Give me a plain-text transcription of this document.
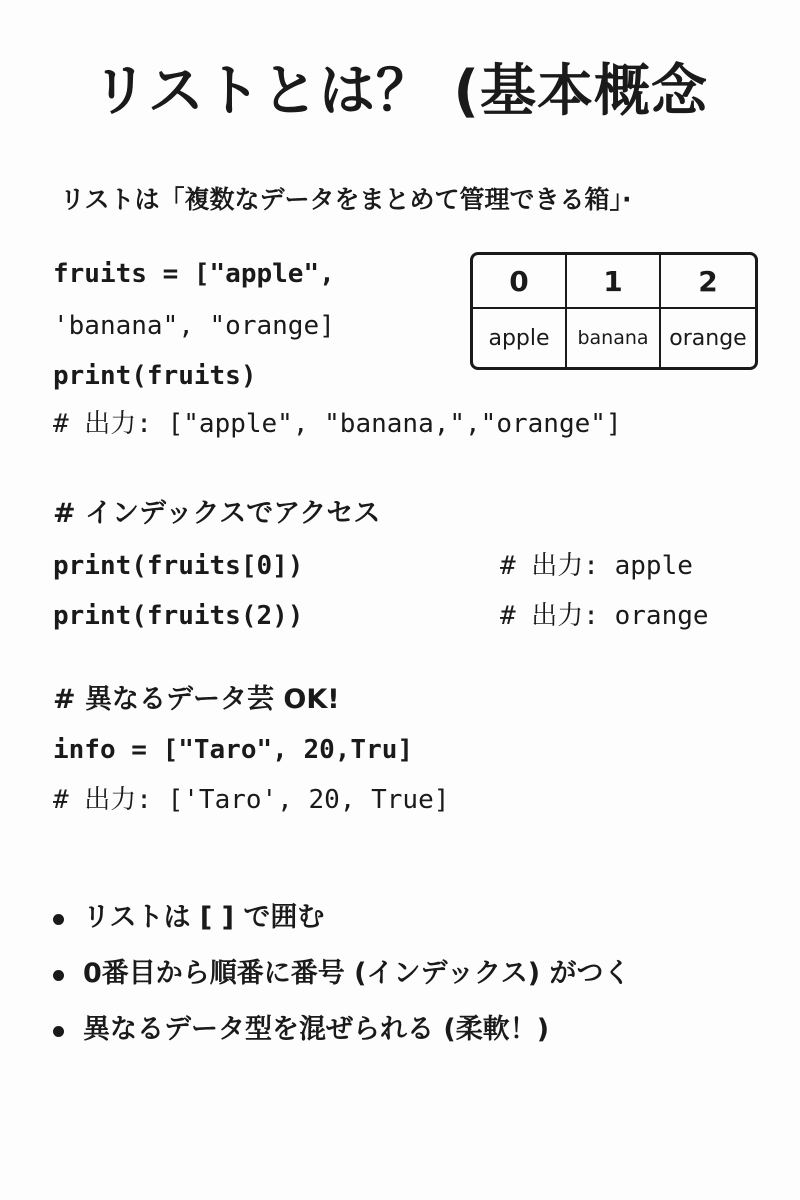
リストとは？ (基本概念
リストは「複数なデータをまとめて管理できる箱」·
fruits = ["apple",
'banana", "orange]
print(fruits)
# 出力: ["apple", "banana,","orange"]
0	1	2
apple	banana	orange
# インデックスでアクセス
print(fruits[0])	# 出力: apple
print(fruits(2))	# 出力: orange
# 異なるデータ芸 OK!
info = ["Taro", 20,Tru]
# 出力: ['Taro', 20, True]
リストは [ ] で囲む
0番目から順番に番号 (インデックス) がつく
異なるデータ型を混ぜられる (柔軟！)
